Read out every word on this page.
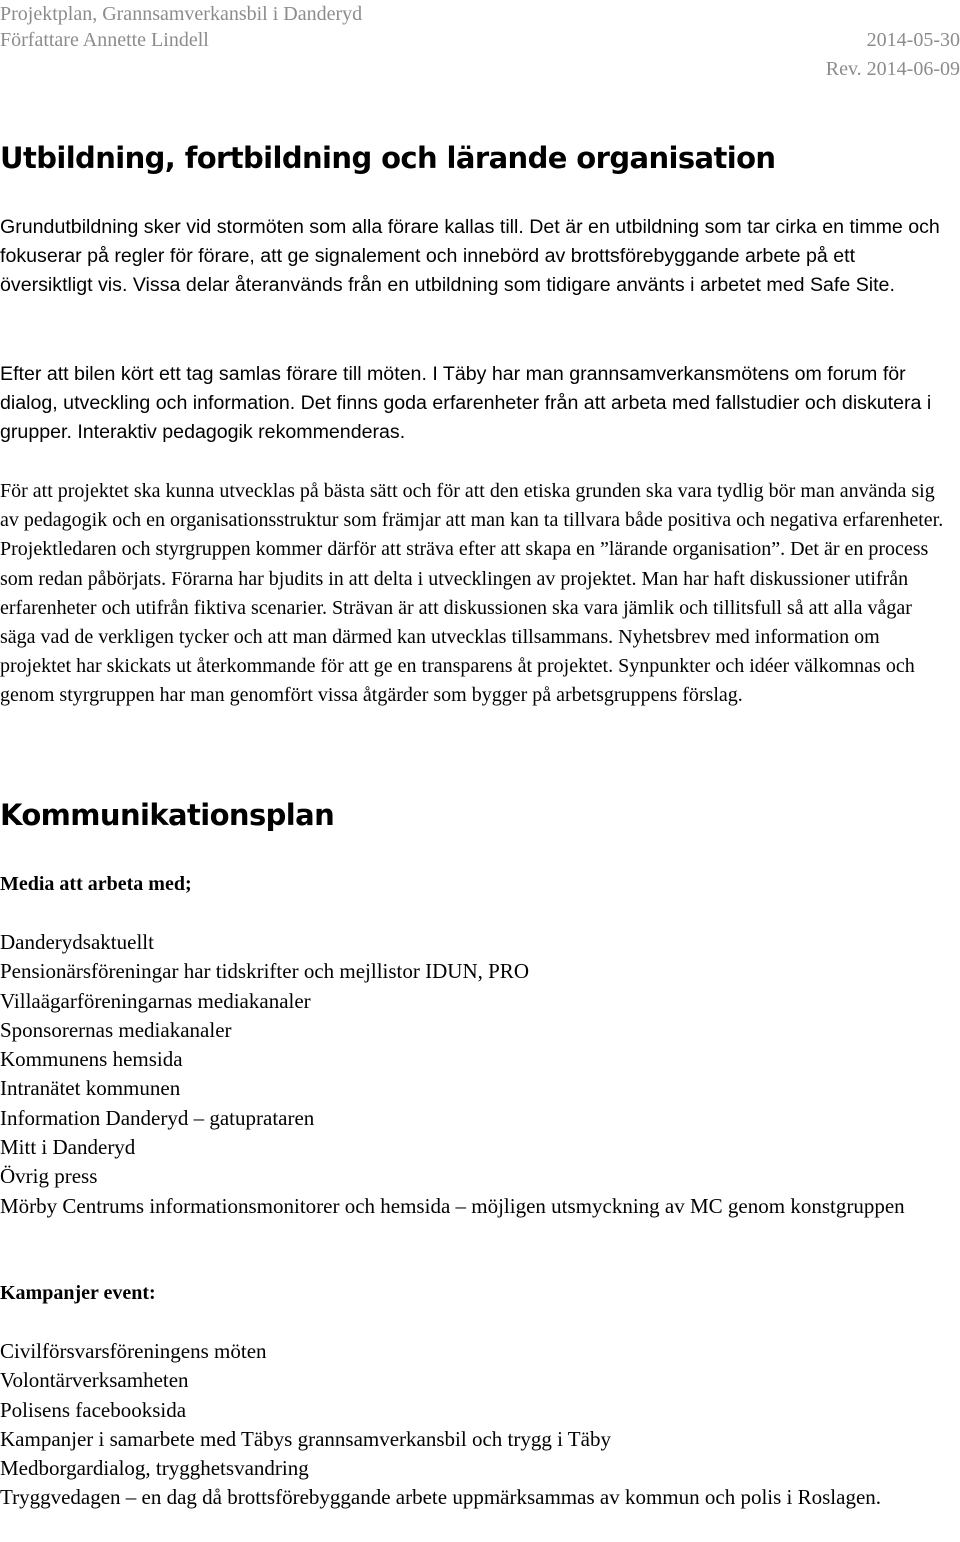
Projektplan, Grannsamverkansbil i Danderyd
Författare Annette Lindell	2014-05-30
Rev. 2014-06-09
Utbildning, fortbildning och lärande organisation
Grundutbildning sker vid stormöten som alla förare kallas till. Det är en utbildning som tar cirka en timme och fokuserar på regler för förare, att ge signalement och innebörd av brottsförebyggande arbete på ett översiktligt vis. Vissa delar återanvänds från en utbildning som tidigare använts i arbetet med Safe Site.
Efter att bilen kört ett tag samlas förare till möten. I Täby har man grannsamverkansmötens om forum för dialog, utveckling och information. Det finns goda erfarenheter från att arbeta med fallstudier och diskutera i grupper. Interaktiv pedagogik rekommenderas.
För att projektet ska kunna utvecklas på bästa sätt och för att den etiska grunden ska vara tydlig bör man använda sig av pedagogik och en organisationsstruktur som främjar att man kan ta tillvara både positiva och negativa erfarenheter. Projektledaren och styrgruppen kommer därför att sträva efter att skapa en ”lärande organisation”. Det är en process som redan påbörjats. Förarna har bjudits in att delta i utvecklingen av projektet. Man har haft diskussioner utifrån erfarenheter och utifrån fiktiva scenarier. Strävan är att diskussionen ska vara jämlik och tillitsfull så att alla vågar säga vad de verkligen tycker och att man därmed kan utvecklas tillsammans. Nyhetsbrev med information om projektet har skickats ut återkommande för att ge en transparens åt projektet. Synpunkter och idéer välkomnas och genom styrgruppen har man genomfört vissa åtgärder som bygger på arbetsgruppens förslag.
Kommunikationsplan
Media att arbeta med;
Danderydsaktuellt
Pensionärsföreningar har tidskrifter och mejllistor IDUN, PRO
Villaägarföreningarnas mediakanaler
Sponsorernas mediakanaler
Kommunens hemsida
Intranätet kommunen
Information Danderyd – gatuprataren
Mitt i Danderyd
Övrig press
Mörby Centrums informationsmonitorer och hemsida – möjligen utsmyckning av MC genom konstgruppen
Kampanjer event:
Civilförsvarsföreningens möten
Volontärverksamheten
Polisens facebooksida
Kampanjer i samarbete med Täbys grannsamverkansbil och trygg i Täby
Medborgardialog, trygghetsvandring
Tryggvedagen – en dag då brottsförebyggande arbete uppmärksammas av kommun och polis i Roslagen.
